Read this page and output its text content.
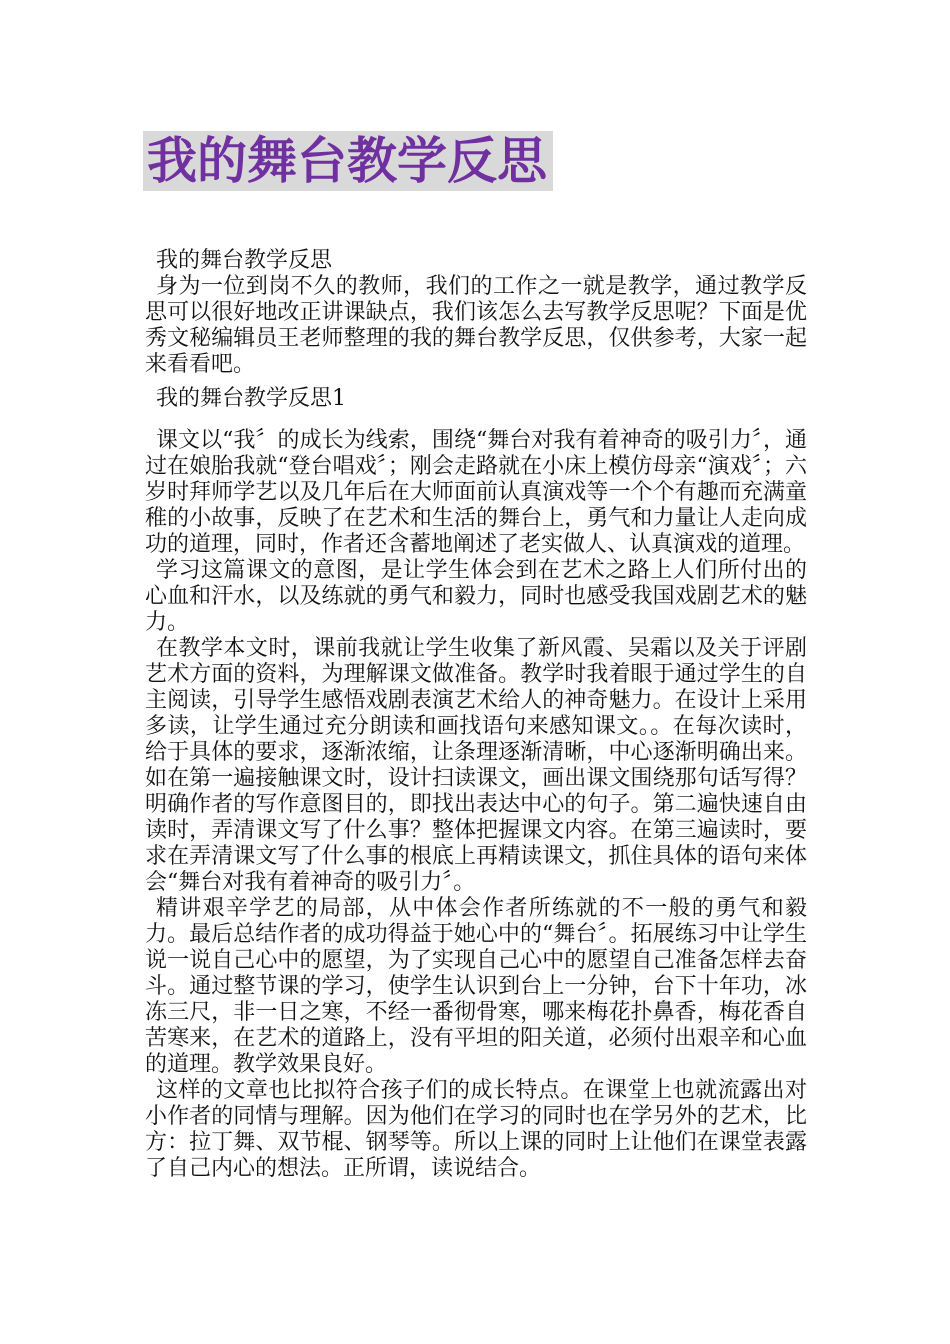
我的舞台教学反思

我的舞台教学反思

身为一位到岗不久的教师，我们的工作之一就是教学，通过教学反思可以很好地改正讲课缺点，我们该怎么去写教学反思呢？下面是优秀文秘编辑员王老师整理的我的舞台教学反思，仅供参考，大家一起来看看吧。

我的舞台教学反思1

课文以“我〞的成长为线索，围绕“舞台对我有着神奇的吸引力〞，通过在娘胎我就“登台唱戏〞；刚会走路就在小床上模仿母亲“演戏〞；六岁时拜师学艺以及几年后在大师面前认真演戏等一个个有趣而充满童稚的小故事，反映了在艺术和生活的舞台上，勇气和力量让人走向成功的道理，同时，作者还含蓄地阐述了老实做人、认真演戏的道理。

学习这篇课文的意图，是让学生体会到在艺术之路上人们所付出的心血和汗水，以及练就的勇气和毅力，同时也感受我国戏剧艺术的魅力。

在教学本文时，课前我就让学生收集了新风霞、吴霜以及关于评剧艺术方面的资料，为理解课文做准备。教学时我着眼于通过学生的自主阅读，引导学生感悟戏剧表演艺术给人的神奇魅力。在设计上采用多读，让学生通过充分朗读和画找语句来感知课文。。在每次读时，给于具体的要求，逐渐浓缩，让条理逐渐清晰，中心逐渐明确出来。如在第一遍接触课文时，设计扫读课文，画出课文围绕那句话写得？明确作者的写作意图目的，即找出表达中心的句子。第二遍快速自由读时，弄清课文写了什么事？整体把握课文内容。在第三遍读时，要求在弄清课文写了什么事的根底上再精读课文，抓住具体的语句来体会“舞台对我有着神奇的吸引力〞。

精讲艰辛学艺的局部，从中体会作者所练就的不一般的勇气和毅力。最后总结作者的成功得益于她心中的“舞台〞。拓展练习中让学生说一说自己心中的愿望，为了实现自己心中的愿望自己准备怎样去奋斗。通过整节课的学习，使学生认识到台上一分钟，台下十年功，冰冻三尺，非一日之寒，不经一番彻骨寒，哪来梅花扑鼻香，梅花香自苦寒来，在艺术的道路上，没有平坦的阳关道，必须付出艰辛和心血的道理。教学效果良好。

这样的文章也比拟符合孩子们的成长特点。在课堂上也就流露出对小作者的同情与理解。因为他们在学习的同时也在学另外的艺术，比方：拉丁舞、双节棍、钢琴等。所以上课的同时上让他们在课堂表露了自己内心的想法。正所谓，读说结合。
